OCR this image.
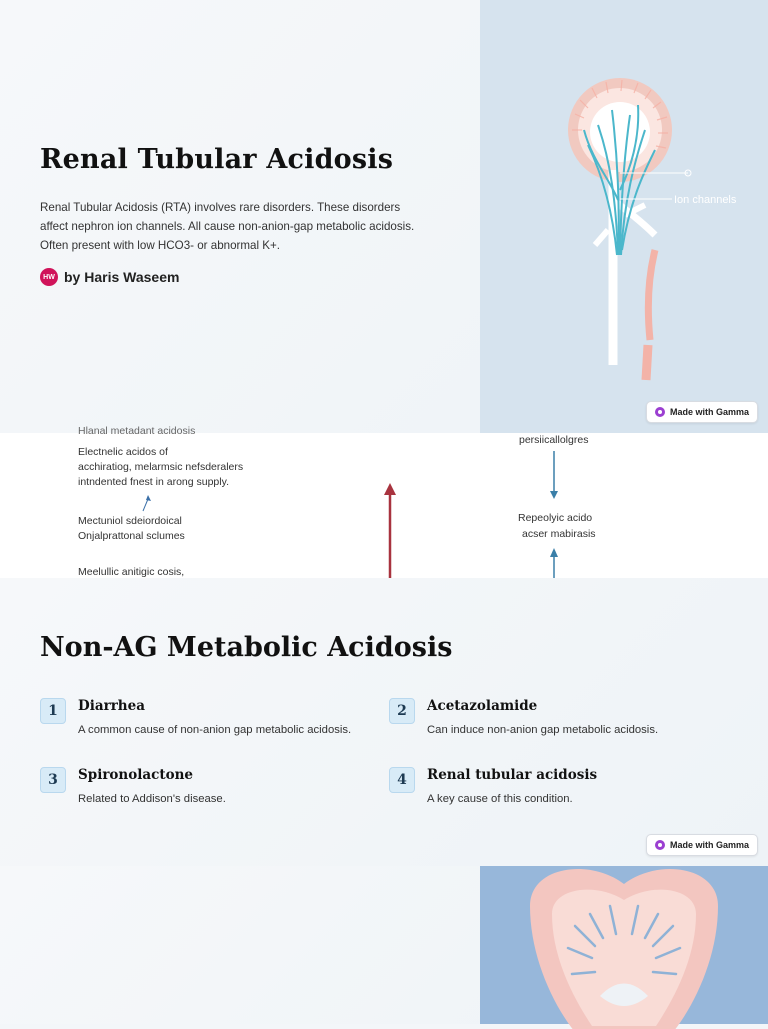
Renal Tubular Acidosis

Renal Tubular Acidosis (RTA) involves rare disorders. These disorders affect nephron ion channels. All cause non-anion-gap metabolic acidosis. Often present with low HCO3- or abnormal K+.

HW by Haris Waseem
Ion channels
Made with Gamma
Hlanal metadant acidosis
Electnelic acidos of
acchiratiog, melarmsic nefsderalers
intndented fnest in arong supply.
Mectuniol sdeiordoical
Onjalprattonal sclumes
Meelullic anitigic cosis,
persiicallolgres
Repeolyic acido
acser mabirasis
Non-AG Metabolic Acidosis
1	Diarrhea
A common cause of non-anion gap metabolic acidosis.
2	Acetazolamide
Can induce non-anion gap metabolic acidosis.
3	Spironolactone
Related to Addison's disease.
4	Renal tubular acidosis
A key cause of this condition.
Made with Gamma
